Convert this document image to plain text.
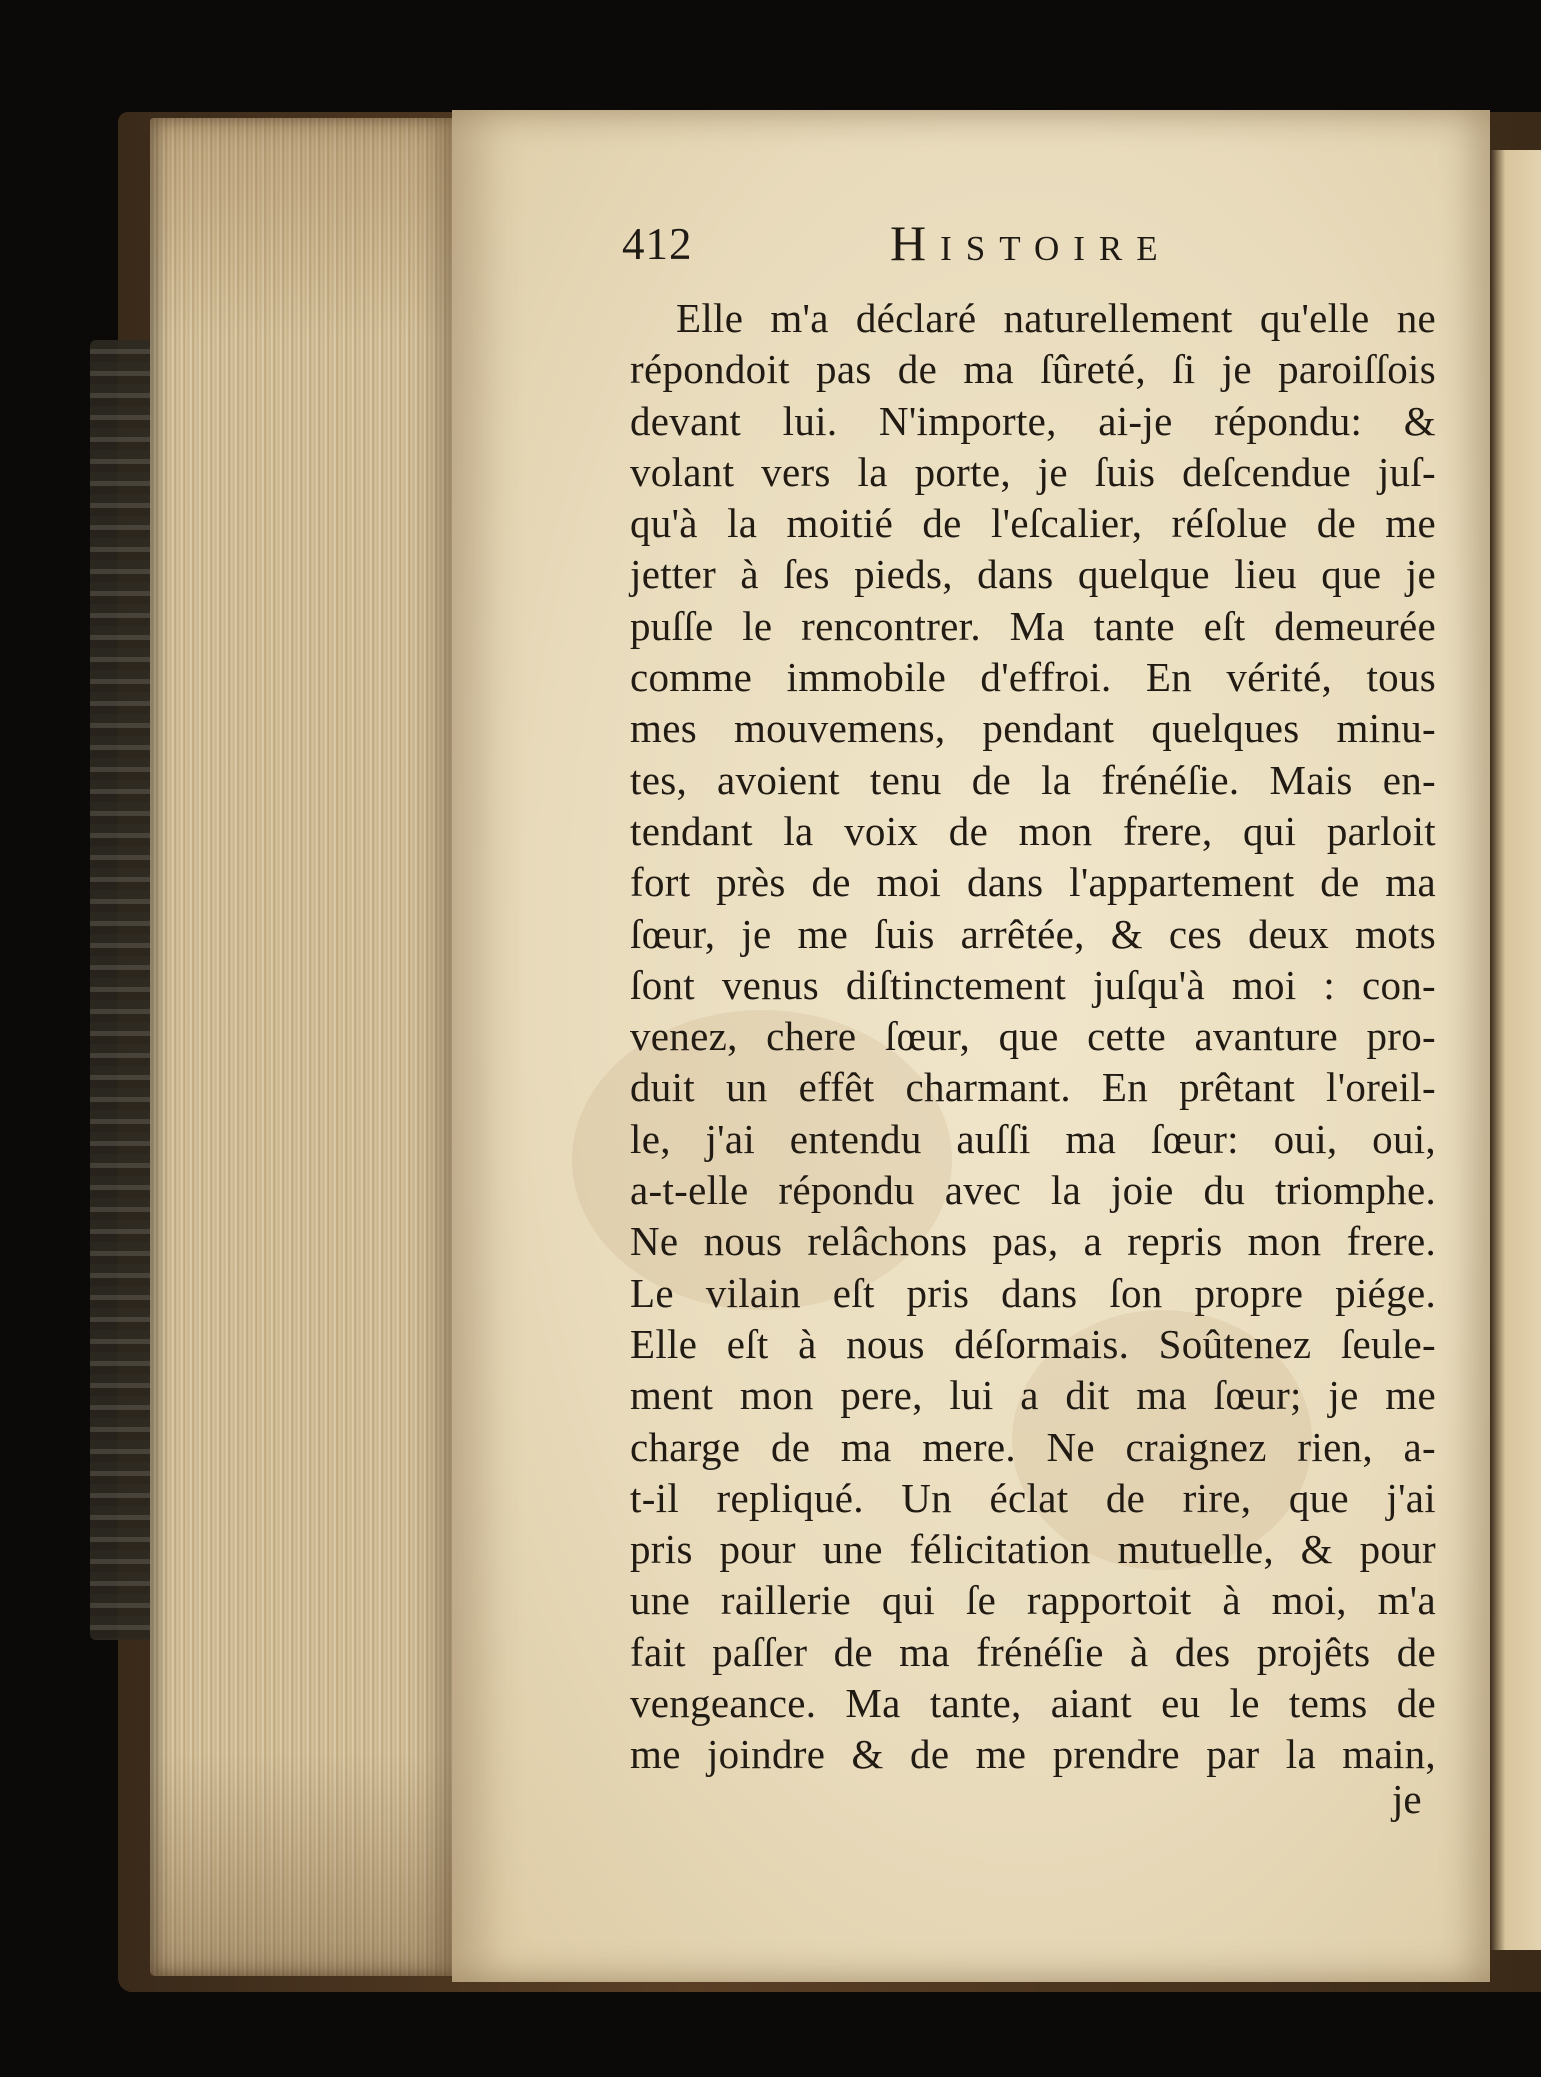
412	Histoire
Elle m'a déclaré naturellement qu'elle ne
répondoit pas de ma ſûreté, ſi je paroiſſois
devant lui. N'importe, ai-je répondu: &
volant vers la porte, je ſuis deſcendue juſ-
qu'à la moitié de l'eſcalier, réſolue de me
jetter à ſes pieds, dans quelque lieu que je
puſſe le rencontrer. Ma tante eſt demeurée
comme immobile d'effroi. En vérité, tous
mes mouvemens, pendant quelques minu-
tes, avoient tenu de la frénéſie. Mais en-
tendant la voix de mon frere, qui parloit
fort près de moi dans l'appartement de ma
ſœur, je me ſuis arrêtée, & ces deux mots
ſont venus diſtinctement juſqu'à moi : con-
venez, chere ſœur, que cette avanture pro-
duit un effêt charmant. En prêtant l'oreil-
le, j'ai entendu auſſi ma ſœur: oui, oui,
a-t-elle répondu avec la joie du triomphe.
Ne nous relâchons pas, a repris mon frere.
Le vilain eſt pris dans ſon propre piége.
Elle eſt à nous déſormais. Soûtenez ſeule-
ment mon pere, lui a dit ma ſœur; je me
charge de ma mere. Ne craignez rien, a-
t-il repliqué. Un éclat de rire, que j'ai
pris pour une félicitation mutuelle, & pour
une raillerie qui ſe rapportoit à moi, m'a
fait paſſer de ma frénéſie à des projêts de
vengeance. Ma tante, aiant eu le tems de
me joindre & de me prendre par la main,
je
